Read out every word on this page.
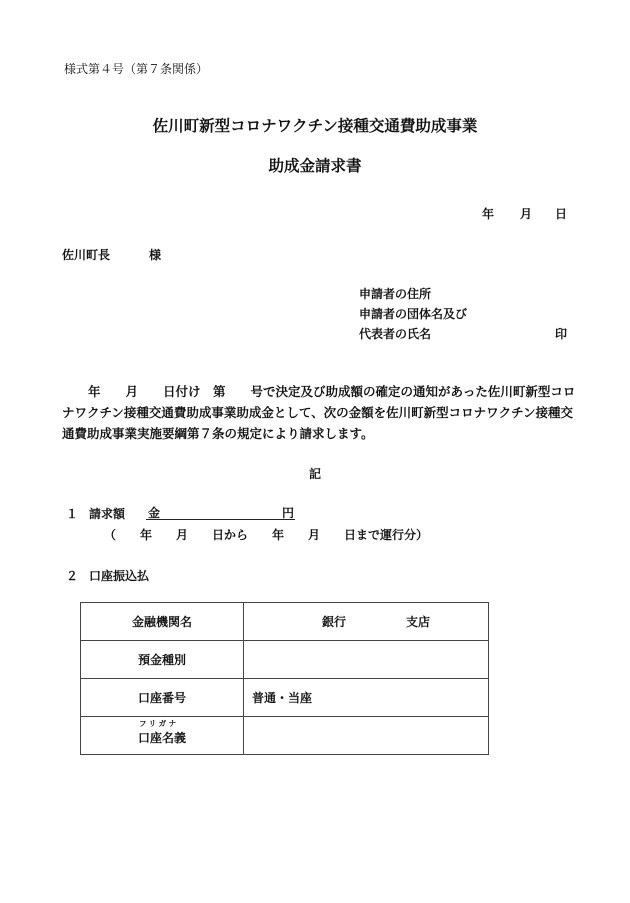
様式第４号（第７条関係）
佐川町新型コロナワクチン接種交通費助成事業
助成金請求書
年 月 日
佐川町長	様
申請者の住所
申請者の団体名及び
代表者の氏名	印
年　　月　　日付け　第　　号で決定及び助成額の確定の通知があった佐川町新型コロ
ナワクチン接種交通費助成事業助成金として、次の金額を佐川町新型コロナワクチン接種交
通費助成事業実施要綱第７条の規定により請求します。
記
１ 請求額 金	円
（　　年　　月　　日から　　年　　月　　日まで運行分）
２ 口座振込払
金融機関名	銀行　　　　　支店
預金種別	
口座番号	普通・当座

フリガナ
口座名義	
